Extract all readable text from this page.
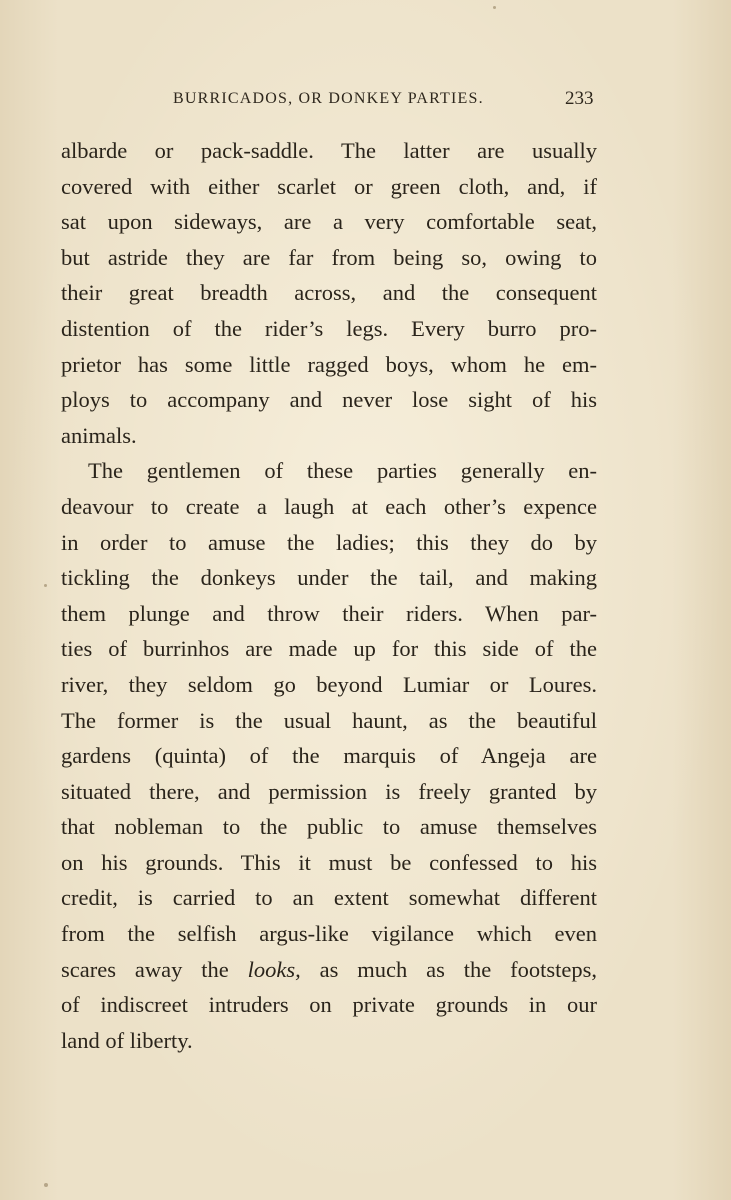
BURRICADOS, OR DONKEY PARTIES.	233
albarde or pack-saddle. The latter are usually
covered with either scarlet or green cloth, and, if
sat upon sideways, are a very comfortable seat,
but astride they are far from being so, owing to
their great breadth across, and the consequent
distention of the rider’s legs. Every burro pro-
prietor has some little ragged boys, whom he em-
ploys to accompany and never lose sight of his
animals.
The gentlemen of these parties generally en-
deavour to create a laugh at each other’s expence
in order to amuse the ladies; this they do by
tickling the donkeys under the tail, and making
them plunge and throw their riders. When par-
ties of burrinhos are made up for this side of the
river, they seldom go beyond Lumiar or Loures.
The former is the usual haunt, as the beautiful
gardens (quinta) of the marquis of Angeja are
situated there, and permission is freely granted by
that nobleman to the public to amuse themselves
on his grounds. This it must be confessed to his
credit, is carried to an extent somewhat different
from the selfish argus-like vigilance which even
scares away the looks, as much as the footsteps,
of indiscreet intruders on private grounds in our
land of liberty.
